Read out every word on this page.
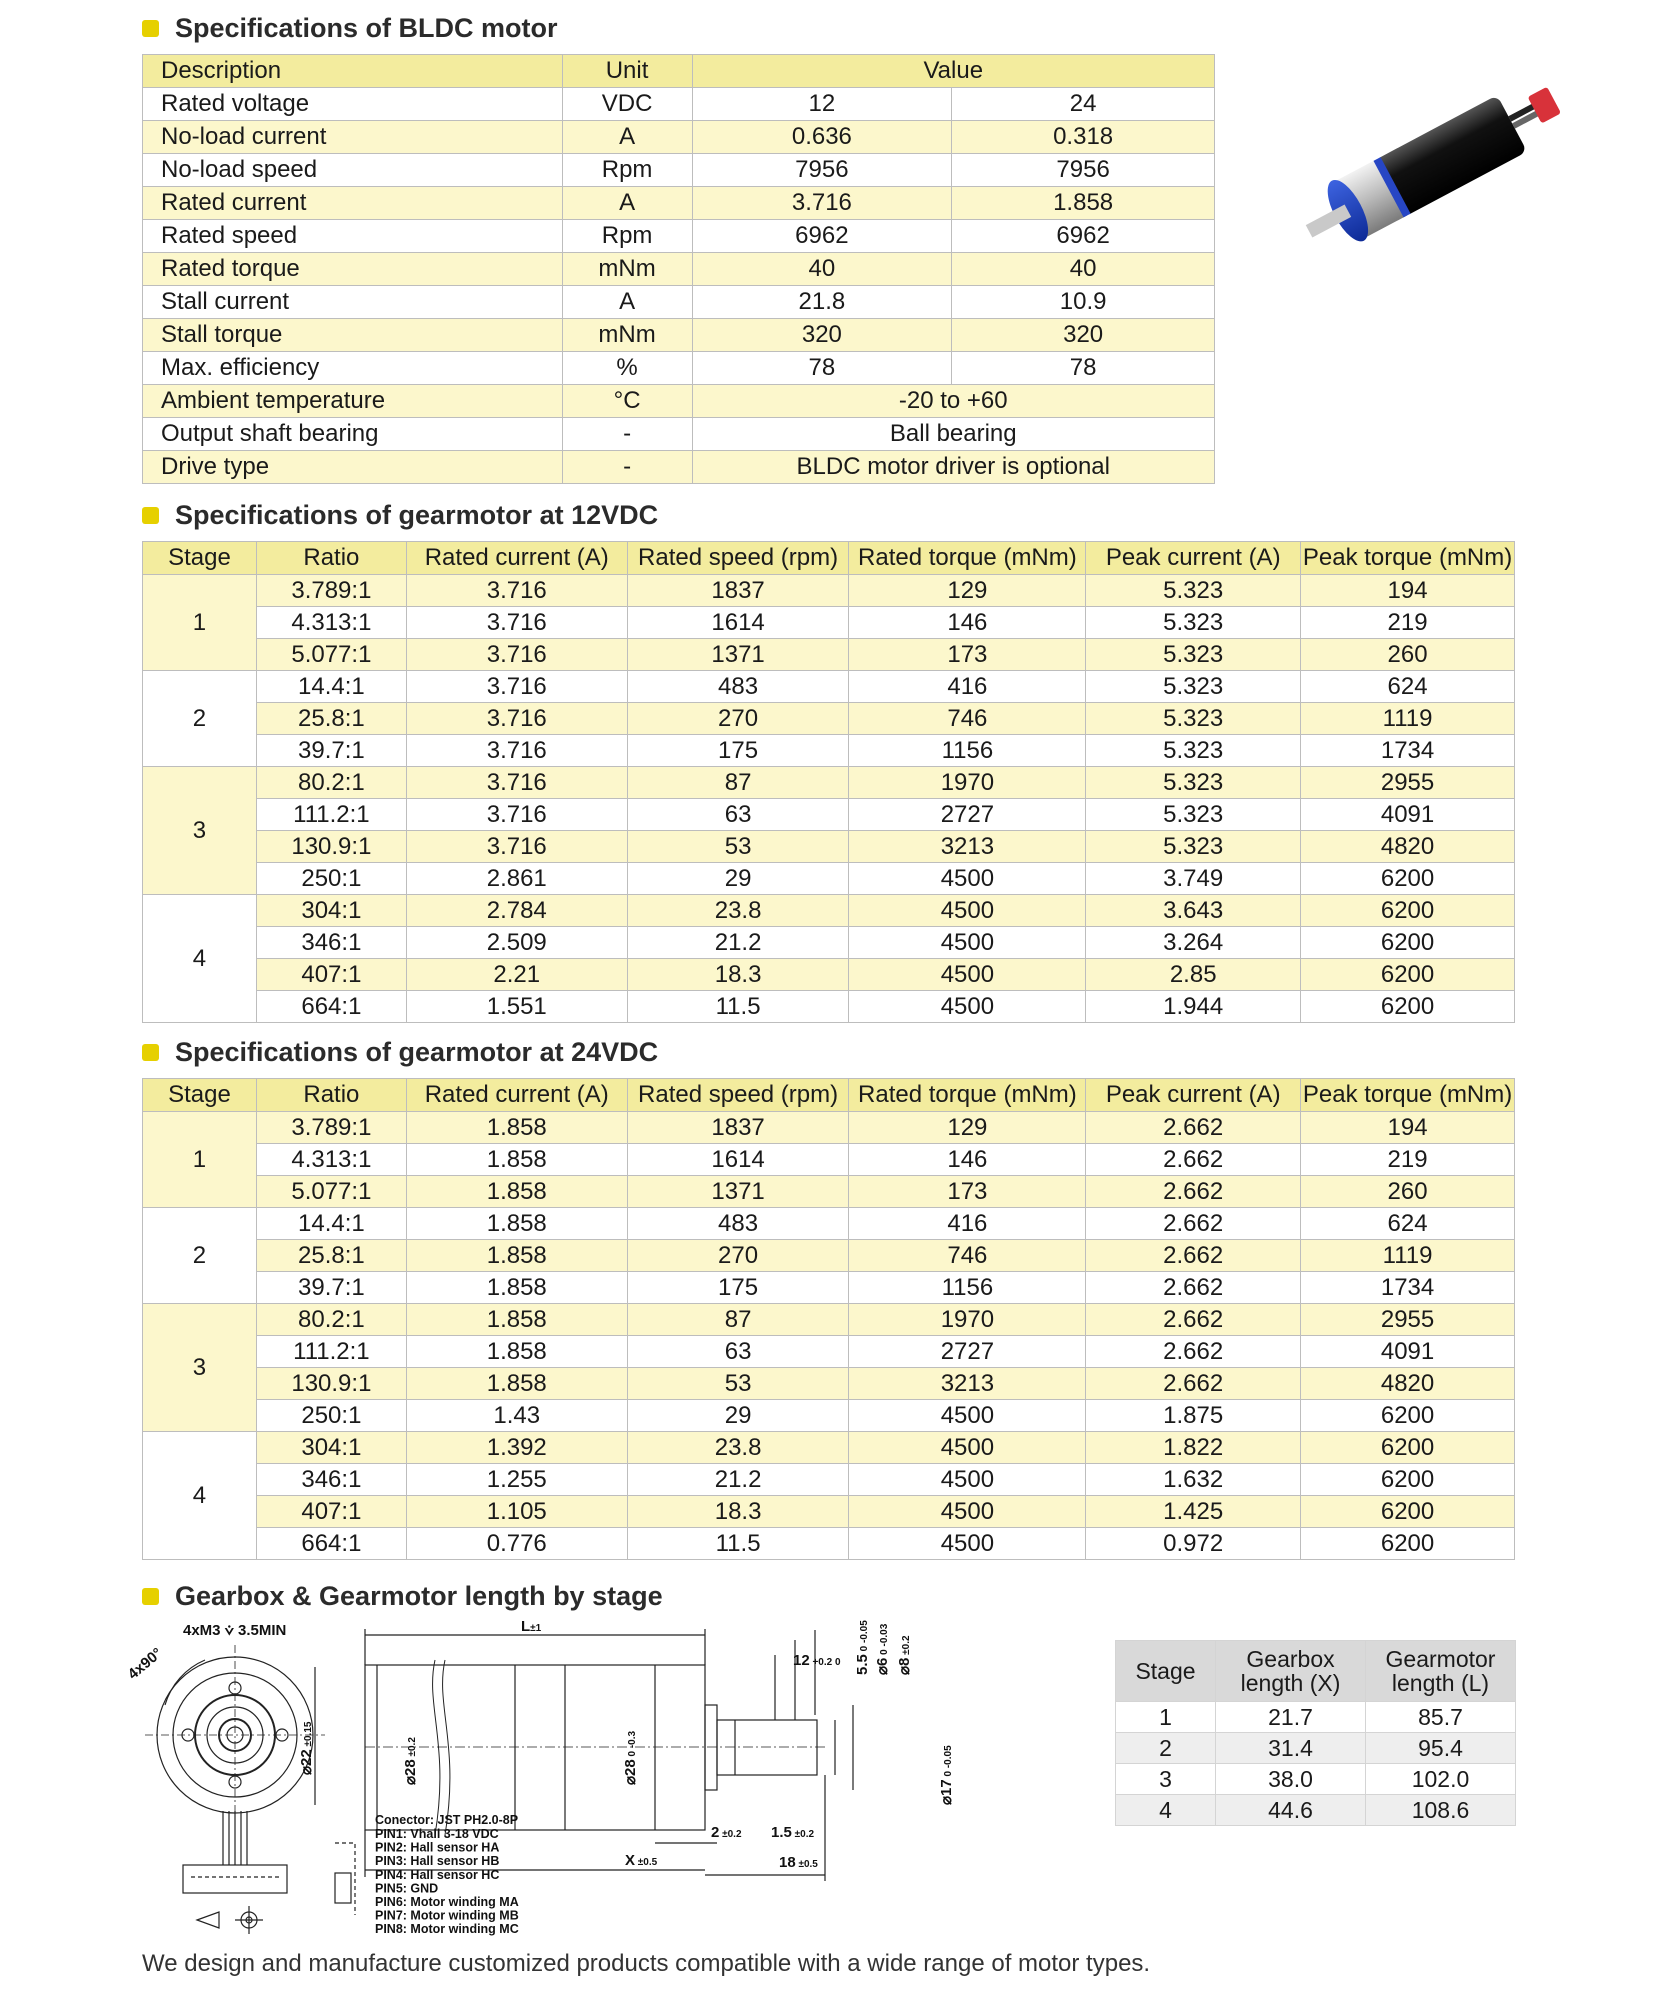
Specifications of BLDC motor
Description	Unit	Value	
Rated voltage	VDC	12	24
No-load current	A	0.636	0.318
No-load speed	Rpm	7956	7956
Rated current	A	3.716	1.858
Rated speed	Rpm	6962	6962
Rated torque	mNm	40	40
Stall current	A	21.8	10.9
Stall torque	mNm	320	320
Max. efficiency	%	78	78
Ambient temperature	°C	-20 to +60	
Output shaft bearing	-	Ball bearing	
Drive type	-	BLDC motor driver is optional	
Specifications of gearmotor at 12VDC
Stage	Ratio	Rated current (A)	Rated speed (rpm)	Rated torque (mNm)	Peak current (A)	Peak torque (mNm)
1	3.789:1	3.716	1837	129	5.323	194
	4.313:1	3.716	1614	146	5.323	219
	5.077:1	3.716	1371	173	5.323	260
2	14.4:1	3.716	483	416	5.323	624
	25.8:1	3.716	270	746	5.323	1119
	39.7:1	3.716	175	1156	5.323	1734
3	80.2:1	3.716	87	1970	5.323	2955
	111.2:1	3.716	63	2727	5.323	4091
	130.9:1	3.716	53	3213	5.323	4820
	250:1	2.861	29	4500	3.749	6200
4	304:1	2.784	23.8	4500	3.643	6200
	346:1	2.509	21.2	4500	3.264	6200
	407:1	2.21	18.3	4500	2.85	6200
	664:1	1.551	11.5	4500	1.944	6200
Specifications of gearmotor at 24VDC
Stage	Ratio	Rated current (A)	Rated speed (rpm)	Rated torque (mNm)	Peak current (A)	Peak torque (mNm)
1	3.789:1	1.858	1837	129	2.662	194
	4.313:1	1.858	1614	146	2.662	219
	5.077:1	1.858	1371	173	2.662	260
2	14.4:1	1.858	483	416	2.662	624
	25.8:1	1.858	270	746	2.662	1119
	39.7:1	1.858	175	1156	2.662	1734
3	80.2:1	1.858	87	1970	2.662	2955
	111.2:1	1.858	63	2727	2.662	4091
	130.9:1	1.858	53	3213	2.662	4820
	250:1	1.43	29	4500	1.875	6200
4	304:1	1.392	23.8	4500	1.822	6200
	346:1	1.255	21.2	4500	1.632	6200
	407:1	1.105	18.3	4500	1.425	6200
	664:1	0.776	11.5	4500	0.972	6200
Gearbox & Gearmotor length by stage
4xM3 ⩒ 3.5MIN
4x90°
L±1
⌀22 ±0.15
⌀28 ±0.2
⌀28 0 -0.3
⌀17 0 -0.05
12 +0.2 0 5.5 0 -0.05
⌀6 0 -0.03
⌀8 ±0.2
2 ±0.2 1.5 ±0.2
X ±0.5	18 ±0.5
Conector: JST PH2.0-8P
PIN1: Vhall 3-18 VDC
PIN2: Hall sensor HA
PIN3: Hall sensor HB
PIN4: Hall sensor HC
PIN5: GND
PIN6: Motor winding MA
PIN7: Motor winding MB
PIN8: Motor winding MC
Stage	Gearbox length (X)	Gearmotor length (L)
1	21.7	85.7
2	31.4	95.4
3	38.0	102.0
4	44.6	108.6
We design and manufacture customized products compatible with a wide range of motor types.
